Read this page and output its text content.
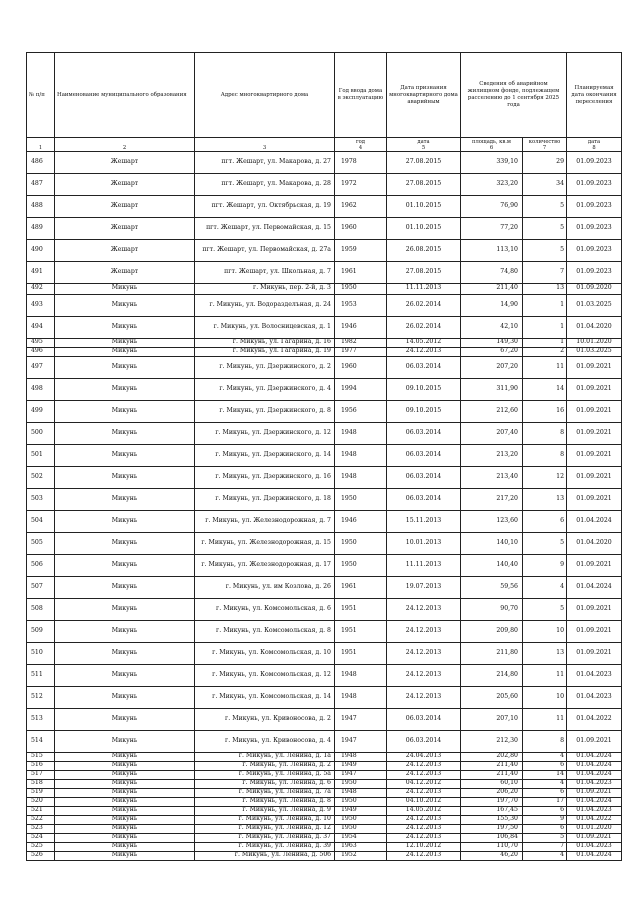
№ п/п	Наименование муниципального образования	Адрес многоквартирного дома	Год ввода дома в эксплуатацию	Дата признания многоквартирного дома аварийным	Сведения об аварийном жилищном фонде, подлежащем расселению до 1 сентября 2025 года		Планируемая дата окончания переселения
			год	дата	площадь, кв.м	количество	дата
1	2	3	4	5	6	7	8
486	Жешарт	пгт. Жешарт, ул. Макарова, д. 27	1978	27.08.2015	339,10	29	01.09.2023
487	Жешарт	пгт. Жешарт, ул. Макарова, д. 28	1972	27.08.2015	323,20	34	01.09.2023
488	Жешарт	пгт. Жешарт, ул. Октябрьская, д. 19	1962	01.10.2015	76,90	5	01.09.2023
489	Жешарт	пгт. Жешарт, ул. Первомайская, д. 15	1960	01.10.2015	77,20	5	01.09.2023
490	Жешарт	пгт. Жешарт, ул. Первомайская, д. 27а	1959	26.08.2015	113,10	5	01.09.2023
491	Жешарт	пгт. Жешарт, ул. Школьная, д. 7	1961	27.08.2015	74,80	7	01.09.2023
492	Микунь	г. Микунь, пер. 2-й, д. 3	1950	11.11.2013	211,40	13	01.09.2020
493	Микунь	г. Микунь, ул. Водоразделъная, д. 24	1953	26.02.2014	14,90	1	01.03.2025
494	Микунь	г. Микунь, ул. Волосницевская, д. 1	1946	26.02.2014	42,10	1	01.04.2020
495	Микунь	г. Микунь, ул. Гагарина, д. 16	1982	14.05.2012	149,30	1	10.01.2020
496	Микунь	г. Микунь, ул. Гагарина, д. 19	1977	24.12.2013	67,20	2	01.03.2025
497	Микунь	г. Микунь, ул. Дзержинского, д. 2	1960	06.03.2014	207,20	11	01.09.2021
498	Микунь	г. Микунь, ул. Дзержинского, д. 4	1994	09.10.2015	311,90	14	01.09.2021
499	Микунь	г. Микунь, ул. Дзержинского, д. 8	1956	09.10.2015	212,60	16	01.09.2021
500	Микунь	г. Микунь, ул. Дзержинского, д. 12	1948	06.03.2014	207,40	8	01.09.2021
501	Микунь	г. Микунь, ул. Дзержинского, д. 14	1948	06.03.2014	213,20	8	01.09.2021
502	Микунь	г. Микунь, ул. Дзержинского, д. 16	1948	06.03.2014	213,40	12	01.09.2021
503	Микунь	г. Микунь, ул. Дзержинского, д. 18	1950	06.03.2014	217,20	13	01.09.2021
504	Микунь	г. Микунь, ул. Железнодорожная, д. 7	1946	15.11.2013	123,60	6	01.04.2024
505	Микунь	г. Микунь, ул. Железнодорожная, д. 15	1950	10.01.2013	140,10	5	01.04.2020
506	Микунь	г. Микунь, ул. Железнодорожная, д. 17	1950	11.11.2013	140,40	9	01.09.2021
507	Микунь	г. Микунь, ул. им Козлова, д. 26	1961	19.07.2013	59,56	4	01.04.2024
508	Микунь	г. Микунь, ул. Комсомольская, д. 6	1951	24.12.2013	90,70	5	01.09.2021
509	Микунь	г. Микунь, ул. Комсомольская, д. 8	1951	24.12.2013	209,80	10	01.09.2021
510	Микунь	г. Микунь, ул. Комсомольская, д. 10	1951	24.12.2013	211,80	13	01.09.2021
511	Микунь	г. Микунь, ул. Комсомольская, д. 12	1948	24.12.2013	214,80	11	01.04.2023
512	Микунь	г. Микунь, ул. Комсомольская, д. 14	1948	24.12.2013	205,60	10	01.04.2023
513	Микунь	г. Микунь, ул. Кривоносова, д. 2	1947	06.03.2014	207,10	11	01.04.2022
514	Микунь	г. Микунь, ул. Кривоносова, д. 4	1947	06.03.2014	212,30	8	01.09.2021
515	Микунь	г. Микунь, ул. Ленина, д. 1а	1948	24.04.2013	202,80	4	01.04.2024
516	Микунь	г. Микунь, ул. Ленина, д. 2	1949	24.12.2013	211,40	6	01.04.2024
517	Микунь	г. Микунь, ул. Ленина, д. 5а	1947	24.12.2013	211,40	14	01.04.2024
518	Микунь	г. Микунь, ул. Ленина, д. 6	1950	04.12.2012	60,10	4	01.04.2023
519	Микунь	г. Микунь, ул. Ленина, д. 7а	1948	24.12.2013	206,20	6	01.09.2021
520	Микунь	г. Микунь, ул. Ленина, д. 8	1950	04.10.2012	197,70	17	01.04.2024
521	Микунь	г. Микунь, ул. Ленина, д. 9	1949	14.05.2012	167,45	6	01.04.2023
522	Микунь	г. Микунь, ул. Ленина, д. 10	1950	24.12.2013	155,30	9	01.04.2022
523	Микунь	г. Микунь, ул. Ленина, д. 12	1950	24.12.2013	197,50	6	01.01.2020
524	Микунь	г. Микунь, ул. Ленина, д. 37	1954	24.12.2013	106,84	5	01.09.2021
525	Микунь	г. Микунь, ул. Ленина, д. 39	1963	12.10.2012	110,70	7	01.04.2023
526	Микунь	г. Микунь, ул. Ленина, д. 50б	1952	24.12.2013	46,20	4	01.04.2024
